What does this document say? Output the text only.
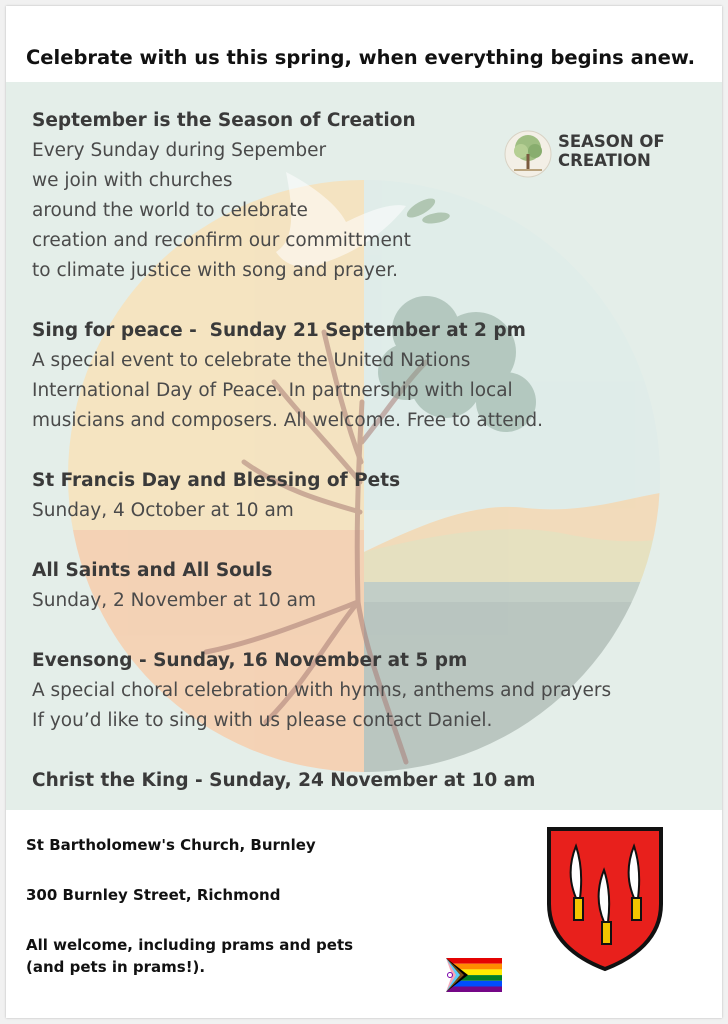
Celebrate with us this spring, when everything begins anew.
SEASON OF
CREATION
September is the Season of Creation
Every Sunday during Sepember
we join with churches
around the world to celebrate
creation and reconfirm our committment
to climate justice with song and prayer.
Sing for peace -  Sunday 21 September at 2 pm
A special event to celebrate the United Nations
International Day of Peace. In partnership with local
musicians and composers. All welcome. Free to attend.
St Francis Day and Blessing of Pets
Sunday, 4 October at 10 am
All Saints and All Souls
Sunday, 2 November at 10 am
Evensong - Sunday, 16 November at 5 pm
A special choral celebration with hymns, anthems and prayers
If you’d like to sing with us please contact Daniel.
Christ the King - Sunday, 24 November at 10 am
St Bartholomew's Church, Burnley
300 Burnley Street, Richmond
All welcome, including prams and pets
(and pets in prams!).
